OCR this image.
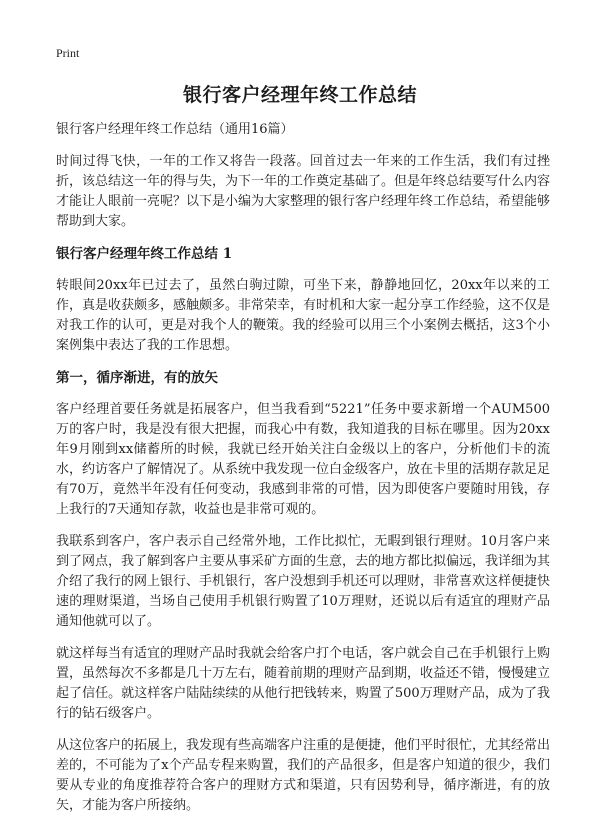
Print
银行客户经理年终工作总结

银行客户经理年终工作总结（通用16篇）

时间过得飞快，一年的工作又将告一段落。回首过去一年来的工作生活，我们有过挫折，该总结这一年的得与失，为下一年的工作奠定基础了。但是年终总结要写什么内容才能让人眼前一亮呢？以下是小编为大家整理的银行客户经理年终工作总结，希望能够帮助到大家。

银行客户经理年终工作总结 1

转眼间20xx年已过去了，虽然白驹过隙，可坐下来，静静地回忆，20xx年以来的工作，真是收获颇多，感触颇多。非常荣幸，有时机和大家一起分享工作经验，这不仅是对我工作的认可，更是对我个人的鞭策。我的经验可以用三个小案例去概括，这3个小案例集中表达了我的工作思想。

第一，循序渐进，有的放矢

客户经理首要任务就是拓展客户，但当我看到“5221”任务中要求新增一个AUM500万的客户时，我是没有很大把握，而我心中有数，我知道我的目标在哪里。因为20xx年9月刚到xx储蓄所的时候，我就已经开始关注白金级以上的客户，分析他们卡的流水，约访客户了解情况了。从系统中我发现一位白金级客户，放在卡里的活期存款足足有70万，竟然半年没有任何变动，我感到非常的可惜，因为即使客户要随时用钱，存上我行的7天通知存款，收益也是非常可观的。

我联系到客户，客户表示自己经常外地，工作比拟忙，无暇到银行理财。10月客户来到了网点，我了解到客户主要从事采矿方面的生意，去的地方都比拟偏远，我详细为其介绍了我行的网上银行、手机银行，客户没想到手机还可以理财，非常喜欢这样便捷快速的理财渠道，当场自己使用手机银行购置了10万理财，还说以后有适宜的理财产品通知他就可以了。

就这样每当有适宜的理财产品时我就会给客户打个电话，客户就会自己在手机银行上购置，虽然每次不多都是几十万左右，随着前期的理财产品到期，收益还不错，慢慢建立起了信任。就这样客户陆陆续续的从他行把钱转来，购置了500万理财产品，成为了我行的钻石级客户。

从这位客户的拓展上，我发现有些高端客户注重的是便捷，他们平时很忙，尤其经常出差的，不可能为了x个产品专程来购置，我们的产品很多，但是客户知道的很少，我们要从专业的角度推荐符合客户的理财方式和渠道，只有因势利导，循序渐进，有的放矢，才能为客户所接纳。
